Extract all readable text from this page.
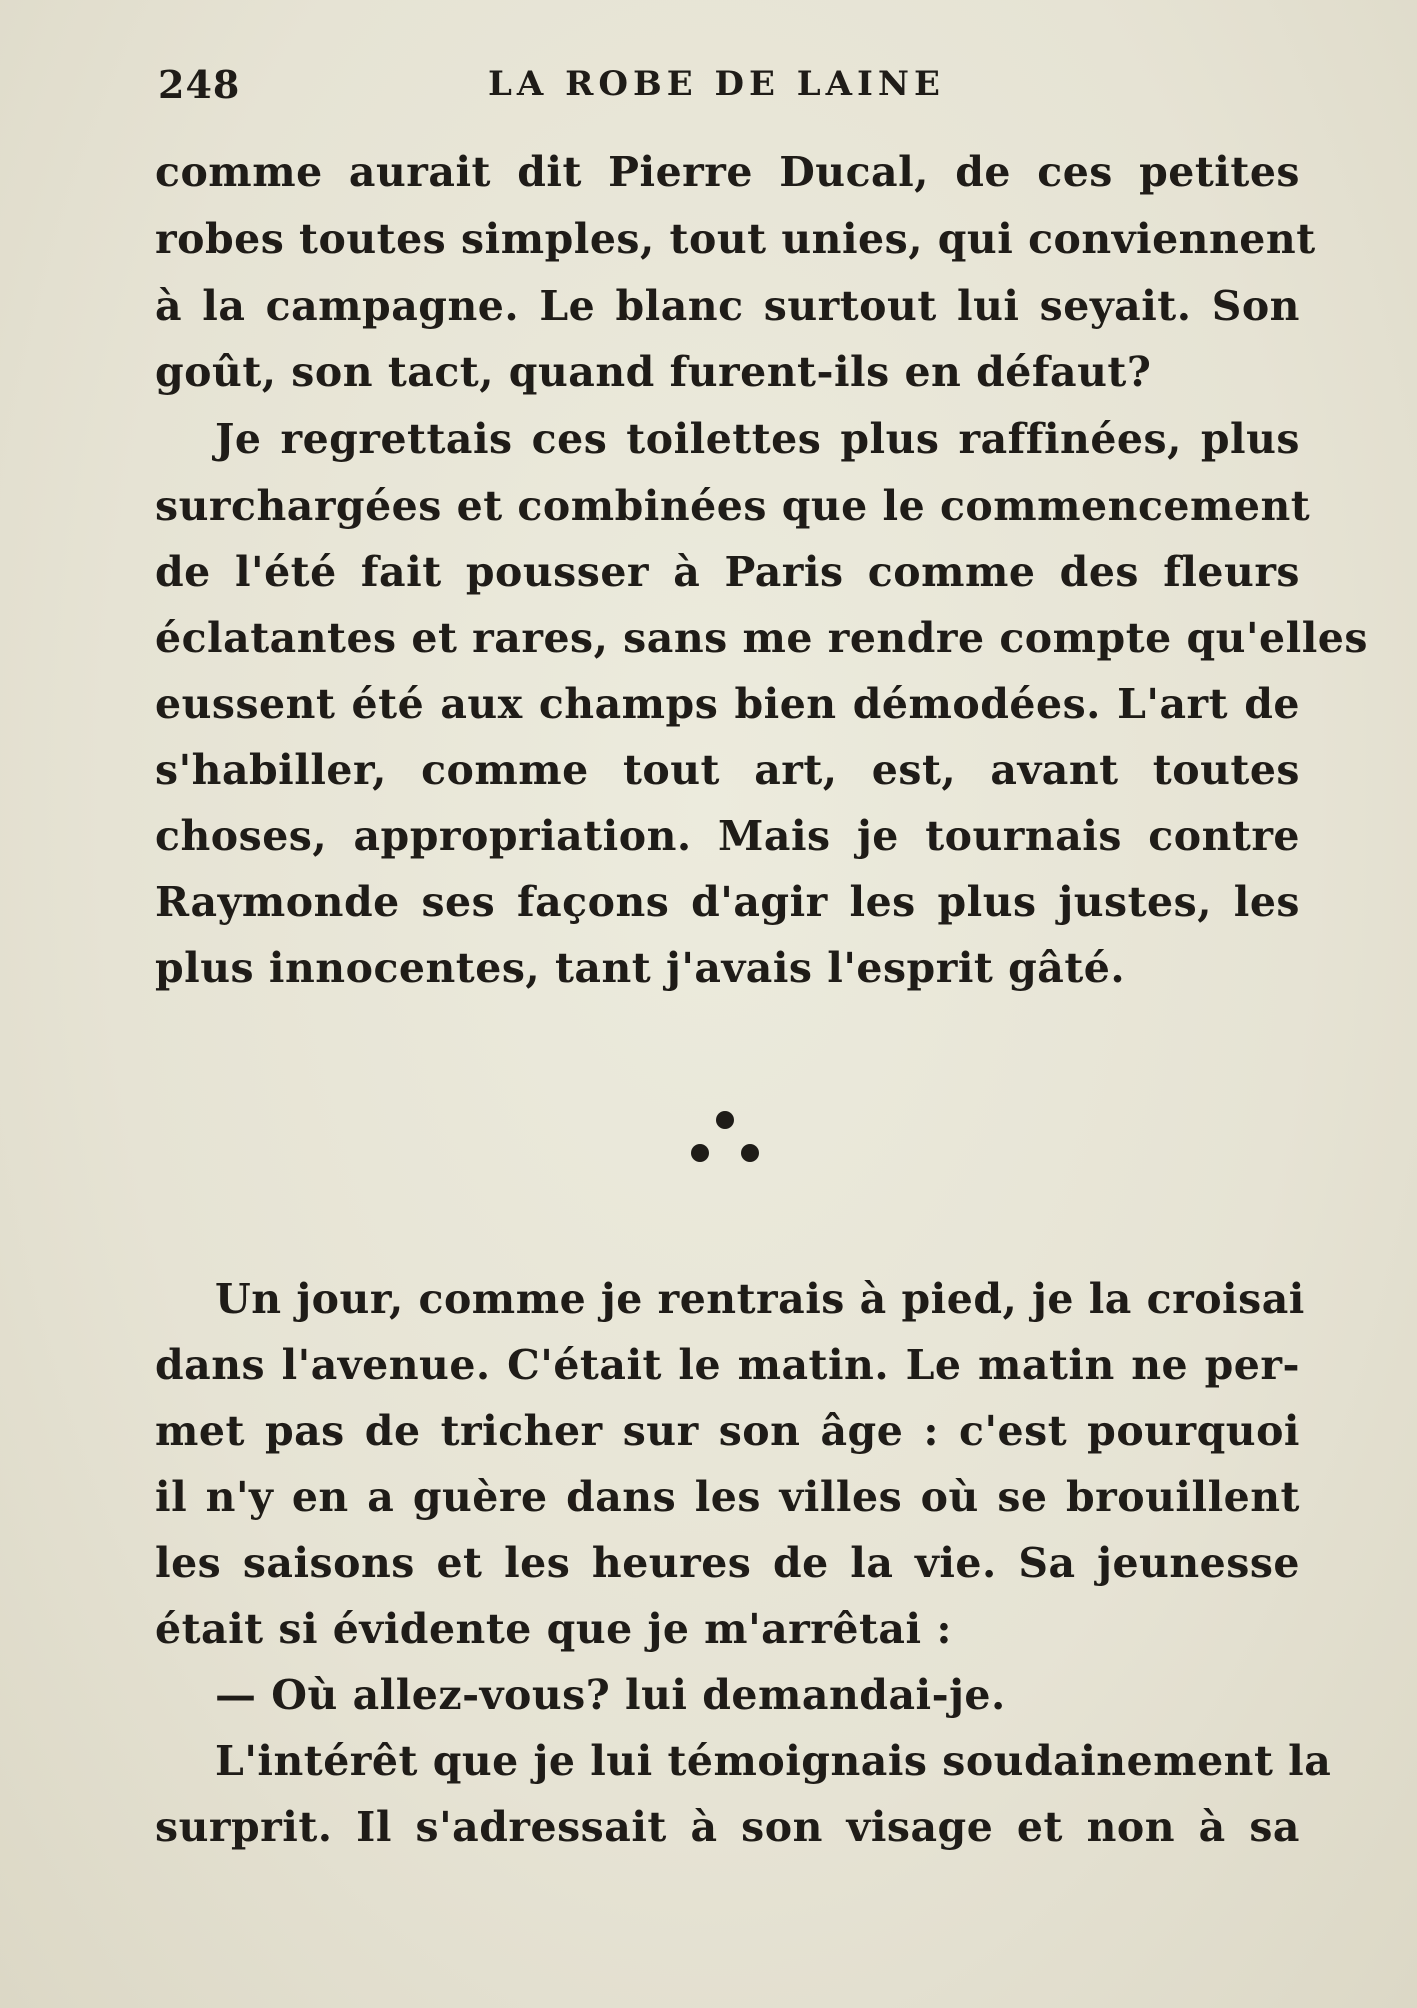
248	LA ROBE DE LAINE
comme aurait dit Pierre Ducal, de ces petites
robes toutes simples, tout unies, qui conviennent
à la campagne. Le blanc surtout lui seyait. Son
goût, son tact, quand furent-ils en défaut?
Je regrettais ces toilettes plus raffinées, plus
surchargées et combinées que le commencement
de l'été fait pousser à Paris comme des fleurs
éclatantes et rares, sans me rendre compte qu'elles
eussent été aux champs bien démodées. L'art de
s'habiller, comme tout art, est, avant toutes
choses, appropriation. Mais je tournais contre
Raymonde ses façons d'agir les plus justes, les
plus innocentes, tant j'avais l'esprit gâté.
Un jour, comme je rentrais à pied, je la croisai
dans l'avenue. C'était le matin. Le matin ne per-
met pas de tricher sur son âge : c'est pourquoi
il n'y en a guère dans les villes où se brouillent
les saisons et les heures de la vie. Sa jeunesse
était si évidente que je m'arrêtai :
— Où allez-vous? lui demandai-je.
L'intérêt que je lui témoignais soudainement la
surprit. Il s'adressait à son visage et non à sa
